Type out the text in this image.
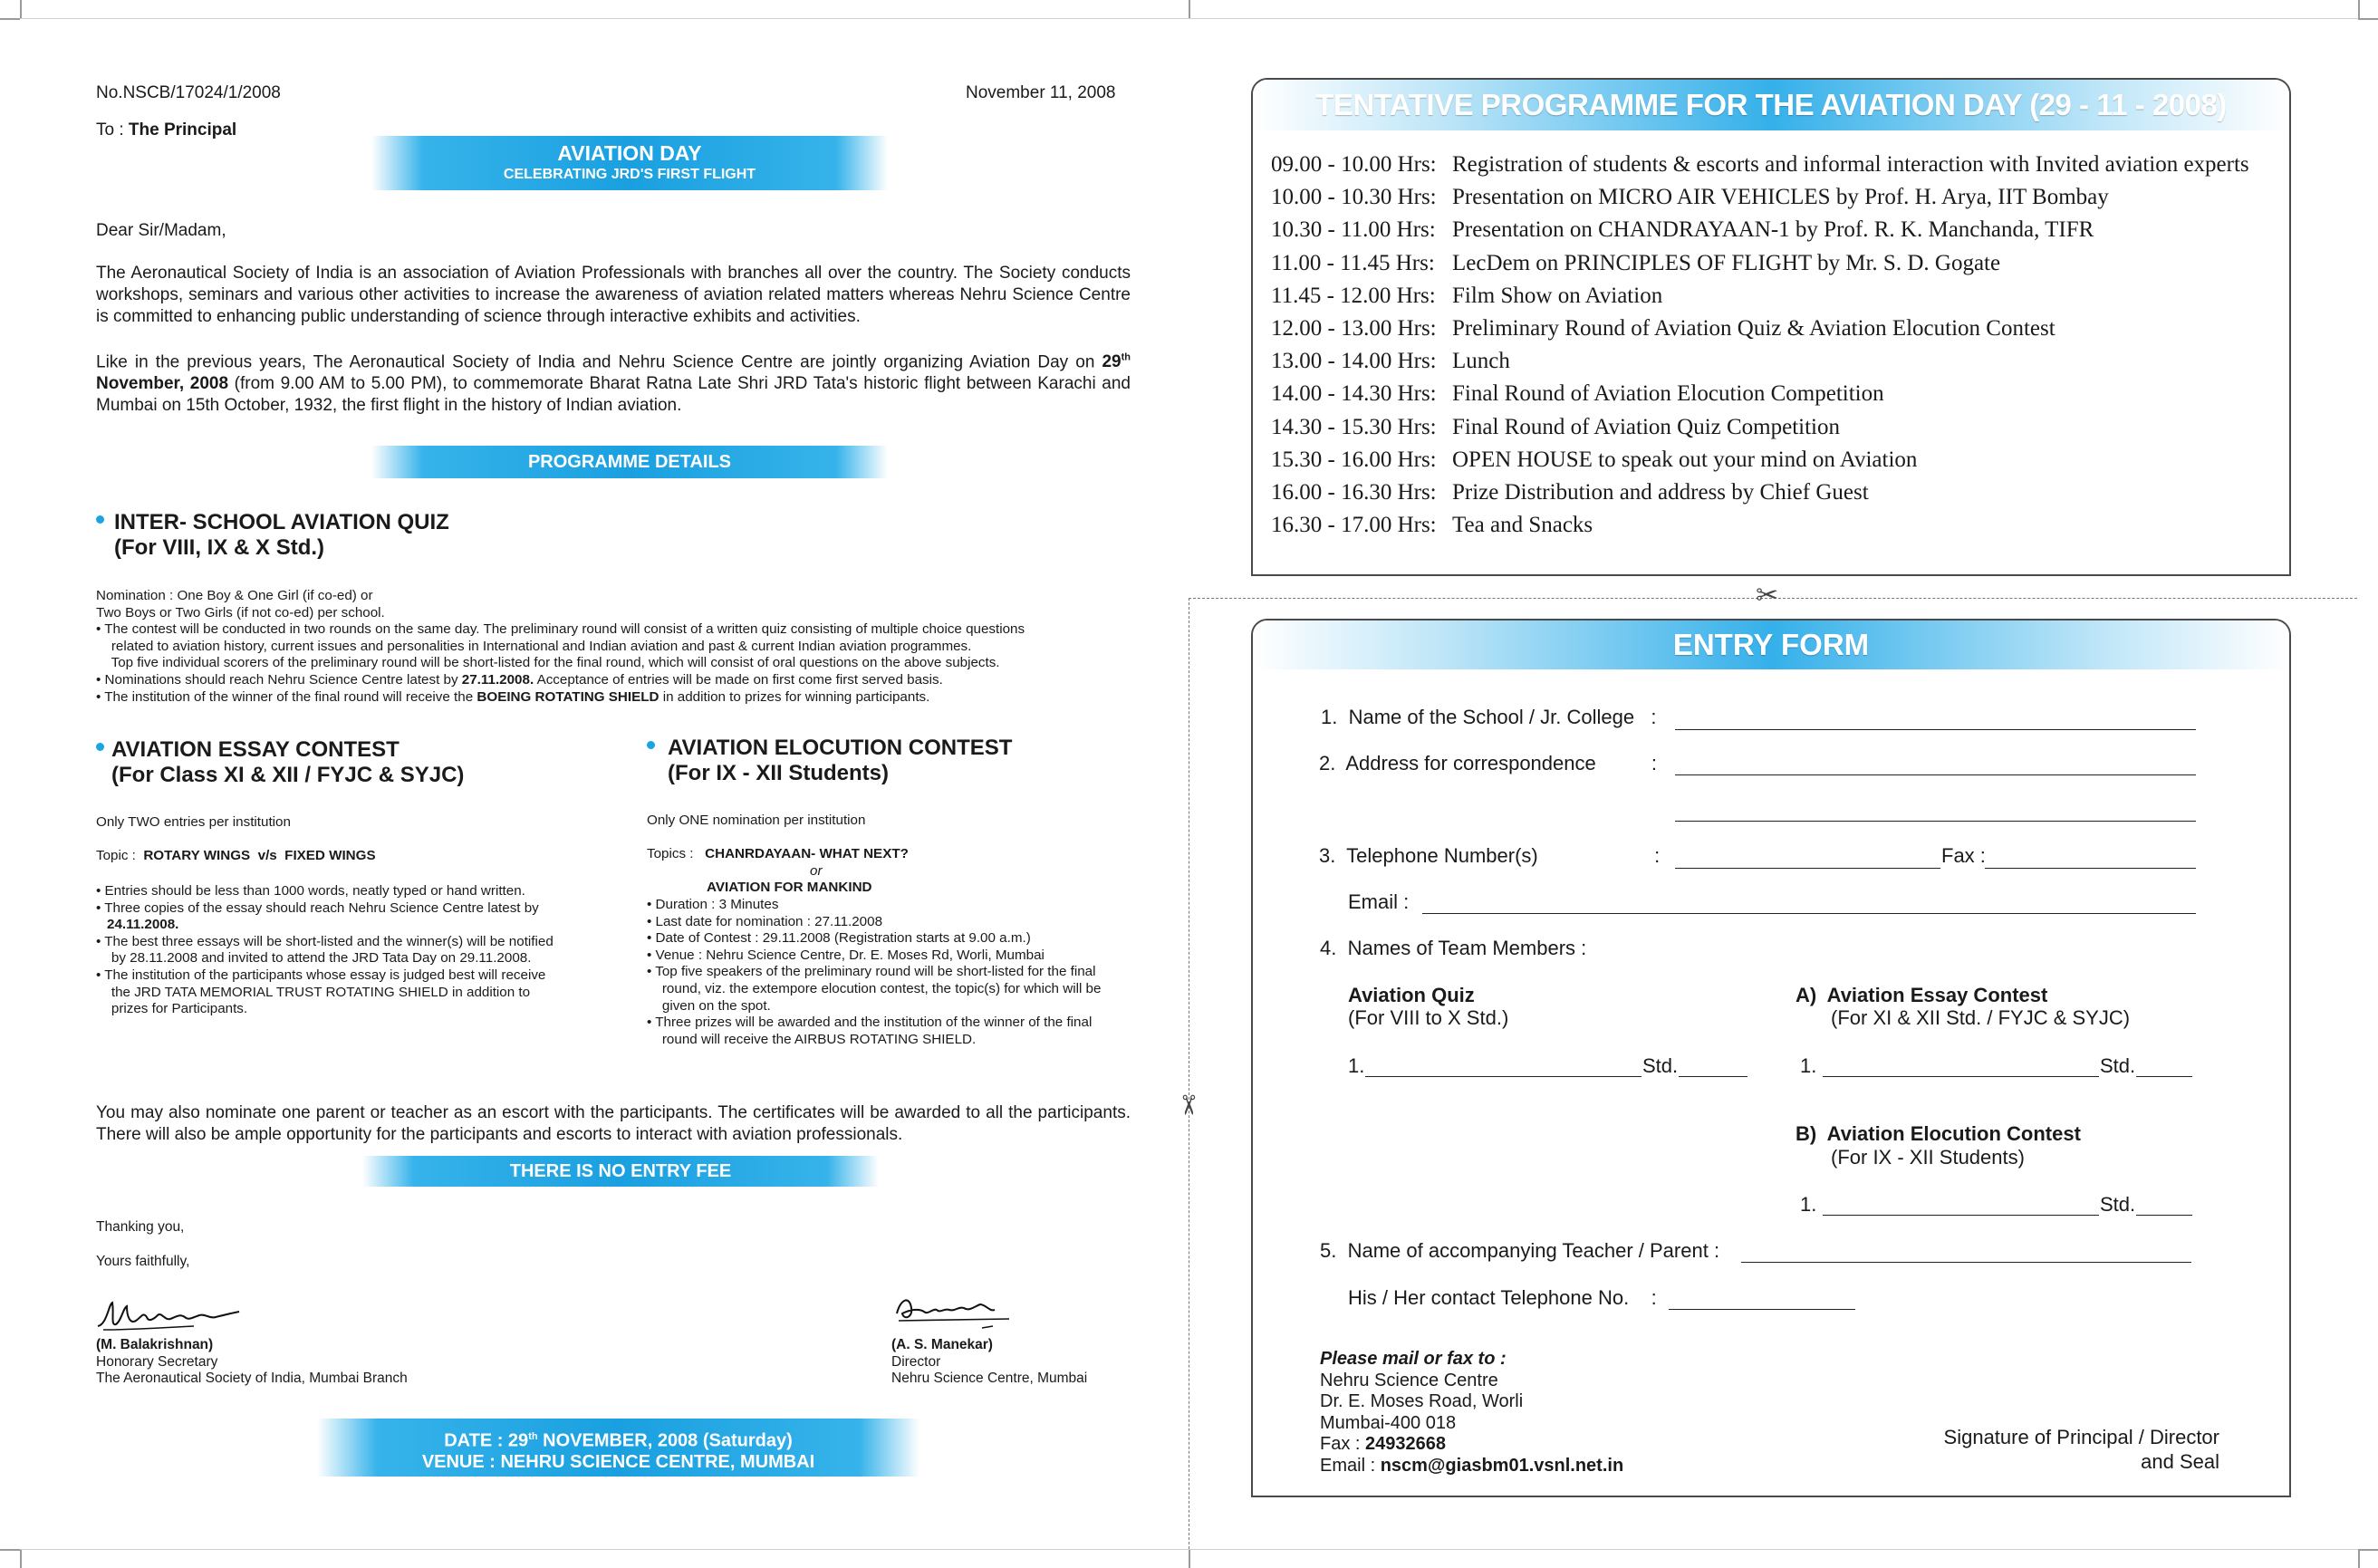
✂
✂
No.NSCB/17024/1/2008	November 11, 2008
To : The Principal
AVIATION DAY
CELEBRATING JRD'S FIRST FLIGHT
Dear Sir/Madam,
The Aeronautical Society of India is an association of Aviation Professionals with branches all over the country. The Society conducts workshops, seminars and various other activities to increase the awareness of aviation related matters whereas Nehru Science Centre is committed to enhancing public understanding of science through interactive exhibits and activities.
Like in the previous years, The Aeronautical Society of India and Nehru Science Centre are jointly organizing Aviation Day on 29th November, 2008 (from 9.00 AM to 5.00 PM), to commemorate Bharat Ratna Late Shri JRD Tata's historic flight between Karachi and Mumbai on 15th October, 1932, the first flight in the history of Indian aviation.
PROGRAMME DETAILS
INTER- SCHOOL AVIATION QUIZ
(For VIII, IX & X Std.)
Nomination : One Boy & One Girl (if co-ed) or
Two Boys or Two Girls (if not co-ed) per school.
• The contest will be conducted in two rounds on the same day. The preliminary round will consist of a written quiz consisting of multiple choice questions
related to aviation history, current issues and personalities in International and Indian aviation and past & current Indian aviation programmes.
Top five individual scorers of the preliminary round will be short-listed for the final round, which will consist of oral questions on the above subjects.
• Nominations should reach Nehru Science Centre latest by 27.11.2008. Acceptance of entries will be made on first come first served basis.
• The institution of the winner of the final round will receive the BOEING ROTATING SHIELD in addition to prizes for winning participants.
AVIATION ESSAY CONTEST
(For Class XI & XII / FYJC & SYJC)
Only TWO entries per institution
Topic :  ROTARY WINGS  v/s  FIXED WINGS
• Entries should be less than 1000 words, neatly typed or hand written.
• Three copies of the essay should reach Nehru Science Centre latest by
24.11.2008.
• The best three essays will be short-listed and the winner(s) will be notified
by 28.11.2008 and invited to attend the JRD Tata Day on 29.11.2008.
• The institution of the participants whose essay is judged best will receive
the JRD TATA MEMORIAL TRUST ROTATING SHIELD in addition to
prizes for Participants.
AVIATION ELOCUTION CONTEST
(For IX - XII Students)
Only ONE nomination per institution
Topics :   CHANRDAYAAN- WHAT NEXT?
or
AVIATION FOR MANKIND
• Duration : 3 Minutes
• Last date for nomination : 27.11.2008
• Date of Contest : 29.11.2008 (Registration starts at 9.00 a.m.)
• Venue : Nehru Science Centre, Dr. E. Moses Rd, Worli, Mumbai
• Top five speakers of the preliminary round will be short-listed for the final
round, viz. the extempore elocution contest, the topic(s) for which will be
given on the spot.
• Three prizes will be awarded and the institution of the winner of the final
round will receive the AIRBUS ROTATING SHIELD.
You may also nominate one parent or teacher as an escort with the participants. The certificates will be awarded to all the participants. There will also be ample opportunity for the participants and escorts to interact with aviation professionals.
THERE IS NO ENTRY FEE
Thanking you,
Yours faithfully,
(M. Balakrishnan)
Honorary Secretary
The Aeronautical Society of India, Mumbai Branch
(A. S. Manekar)
Director
Nehru Science Centre, Mumbai
DATE : 29th NOVEMBER, 2008 (Saturday)
VENUE : NEHRU SCIENCE CENTRE, MUMBAI
TENTATIVE PROGRAMME FOR THE AVIATION DAY (29 - 11 - 2008)
09.00 - 10.00 Hrs: Registration of students & escorts and informal interaction with Invited aviation experts
10.00 - 10.30 Hrs: Presentation on MICRO AIR VEHICLES by Prof. H. Arya, IIT Bombay
10.30 - 11.00 Hrs: Presentation on CHANDRAYAAN-1 by Prof. R. K. Manchanda, TIFR
11.00 - 11.45 Hrs: LecDem on PRINCIPLES OF FLIGHT by Mr. S. D. Gogate
11.45 - 12.00 Hrs: Film Show on Aviation
12.00 - 13.00 Hrs: Preliminary Round of Aviation Quiz & Aviation Elocution Contest
13.00 - 14.00 Hrs: Lunch
14.00 - 14.30 Hrs: Final Round of Aviation Elocution Competition
14.30 - 15.30 Hrs: Final Round of Aviation Quiz Competition
15.30 - 16.00 Hrs: OPEN HOUSE to speak out your mind on Aviation
16.00 - 16.30 Hrs: Prize Distribution and address by Chief Guest
16.30 - 17.00 Hrs: Tea and Snacks
ENTRY FORM
1.  Name of the School / Jr. College   :
2.  Address for correspondence          :
3.  Telephone Number(s)                     :	Fax :
Email :
4.  Names of Team Members :
Aviation Quiz
(For VIII to X Std.)
1.	Std.
A)  Aviation Essay Contest
(For XI & XII Std. / FYJC & SYJC)
1.	Std.
B)  Aviation Elocution Contest
(For IX - XII Students)
1.	Std.
5.  Name of accompanying Teacher / Parent :
His / Her contact Telephone No.    :
Please mail or fax to :
Nehru Science Centre
Dr. E. Moses Road, Worli
Mumbai-400 018
Fax : 24932668
Email : nscm@giasbm01.vsnl.net.in
Signature of Principal / Director
and Seal
